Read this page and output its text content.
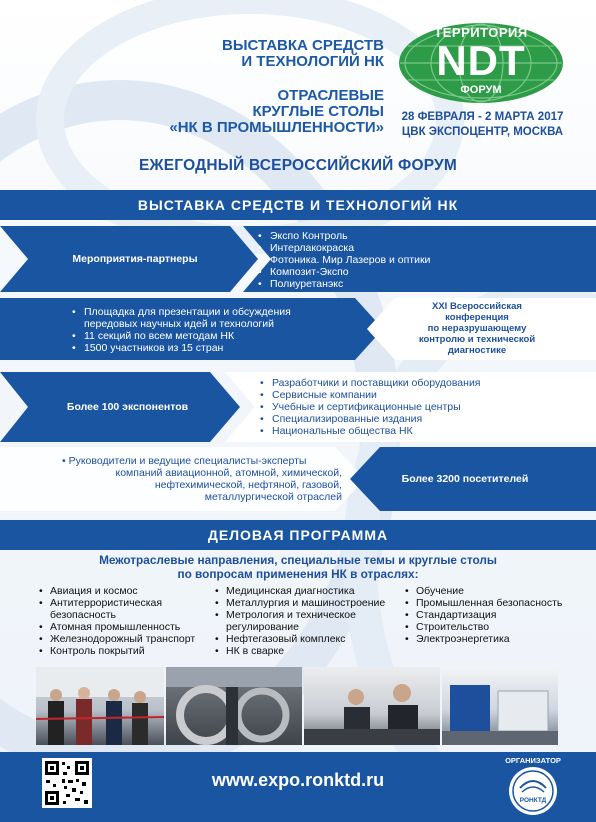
ВЫСТАВКА СРЕДСТВ
И ТЕХНОЛОГИЙ НК
ОТРАСЛЕВЫЕ
КРУГЛЫЕ СТОЛЫ
«НК В ПРОМЫШЛЕННОСТИ»
ТЕРРИТОРИЯ
NDT
ФОРУМ
28 ФЕВРАЛЯ - 2 МАРТА 2017
ЦВК ЭКСПОЦЕНТР, МОСКВА
ЕЖЕГОДНЫЙ ВСЕРОССИЙСКИЙ ФОРУМ
ВЫСТАВКА СРЕДСТВ И ТЕХНОЛОГИЙ НК
Мероприятия-партнеры
• Экспо Контроль
• Интерлакокраска
• Фотоника. Мир Лазеров и оптики
• Композит-Экспо
• Полиуретанэкс
• Площадка для презентации и обсуждения передовых научных идей и технологий
• 11 секций по всем методам НК
• 1500 участников из 15 стран
XXI Всероссийская
конференция
по неразрушающему
контролю и технической
диагностике
Более 100 экспонентов
• Разработчики и поставщики оборудования
• Сервисные компании
• Учебные и сертификационные центры
• Специализированные издания
• Национальные общества НК
• Руководители и ведущие специалисты-эксперты
компаний авиационной, атомной, химической,
нефтехимической, нефтяной, газовой,
металлургической отраслей
Более 3200 посетителей
ДЕЛОВАЯ ПРОГРАММА
Межотраслевые направления, специальные темы и круглые столы
по вопросам применения НК в отраслях:
• Авиация и космос
• Антитеррористическая безопасность
• Атомная промышленность
• Железнодорожный транспорт
• Контроль покрытий
• Медицинская диагностика
• Металлургия и машиностроение
• Метрология и техническое регулирование
• Нефтегазовый комплекс
• НК в сварке
• Обучение
• Промышленная безопасность
• Стандартизация
• Строительство
• Электроэнергетика
www.expo.ronktd.ru
ОРГАНИЗАТОР
РОНКТД
